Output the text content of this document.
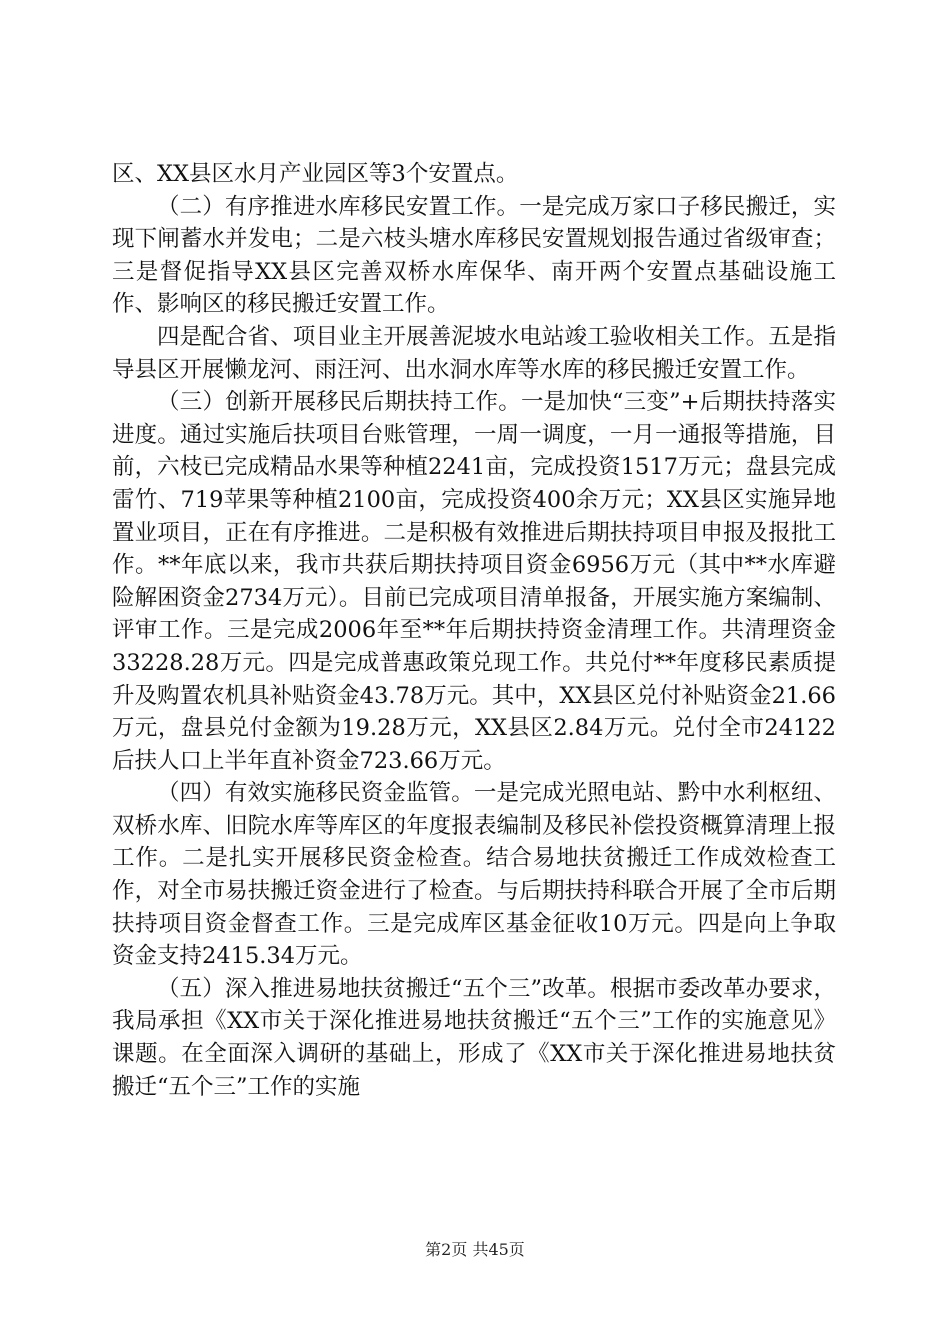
区、XX县区水月产业园区等3个安置点。

（二）有序推进水库移民安置工作。一是完成万家口子移民搬迁，实现下闸蓄水并发电；二是六枝头塘水库移民安置规划报告通过省级审查；三是督促指导XX县区完善双桥水库保华、南开两个安置点基础设施工作、影响区的移民搬迁安置工作。

四是配合省、项目业主开展善泥坡水电站竣工验收相关工作。五是指导县区开展懒龙河、雨汪河、出水洞水库等水库的移民搬迁安置工作。

（三）创新开展移民后期扶持工作。一是加快“三变”+后期扶持落实进度。通过实施后扶项目台账管理，一周一调度，一月一通报等措施，目前，六枝已完成精品水果等种植2241亩，完成投资1517万元；盘县完成雷竹、719苹果等种植2100亩，完成投资400余万元；XX县区实施异地置业项目，正在有序推进。二是积极有效推进后期扶持项目申报及报批工作。**年底以来，我市共获后期扶持项目资金6956万元（其中**水库避险解困资金2734万元）。目前已完成项目清单报备，开展实施方案编制、评审工作。三是完成2006年至**年后期扶持资金清理工作。共清理资金33228.28万元。四是完成普惠政策兑现工作。共兑付**年度移民素质提升及购置农机具补贴资金43.78万元。其中，XX县区兑付补贴资金21.66万元，盘县兑付金额为19.28万元，XX县区2.84万元。兑付全市24122后扶人口上半年直补资金723.66万元。

（四）有效实施移民资金监管。一是完成光照电站、黔中水利枢纽、双桥水库、旧院水库等库区的年度报表编制及移民补偿投资概算清理上报工作。二是扎实开展移民资金检查。结合易地扶贫搬迁工作成效检查工作，对全市易扶搬迁资金进行了检查。与后期扶持科联合开展了全市后期扶持项目资金督查工作。三是完成库区基金征收10万元。四是向上争取资金支持2415.34万元。

（五）深入推进易地扶贫搬迁“五个三”改革。根据市委改革办要求，我局承担《XX市关于深化推进易地扶贫搬迁“五个三”工作的实施意见》课题。在全面深入调研的基础上，形成了《XX市关于深化推进易地扶贫搬迁“五个三”工作的实施

第2页 共45页
